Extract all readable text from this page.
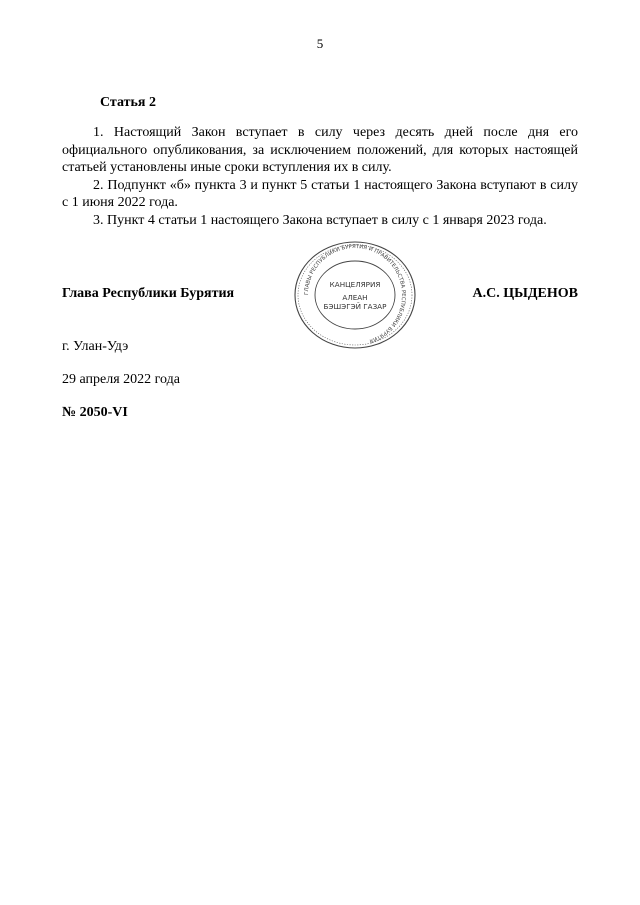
5
Статья 2

1. Настоящий Закон вступает в силу через десять дней после дня его официального опубликования, за исключением положений, для которых настоящей статьей установлены иные сроки вступления их в силу.

2. Подпункт «б» пункта 3 и пункт 5 статьи 1 настоящего Закона вступают в силу с 1 июня 2022 года.

3. Пункт 4 статьи 1 настоящего Закона вступает в силу с 1 января 2023 года.

ГЛАВЫ РЕСПУБЛИКИ БУРЯТИЯ И ПРАВИТЕЛЬСТВА РЕСПУБЛИКИ БУРЯТИЯ
КАНЦЕЛЯРИЯ
АЛЕАН
БЭШЭГЭЙ ГАЗАР
Глава Республики Бурятия	А.С. ЦЫДЕНОВ
г. Улан-Удэ
29 апреля 2022 года
№ 2050-VI
